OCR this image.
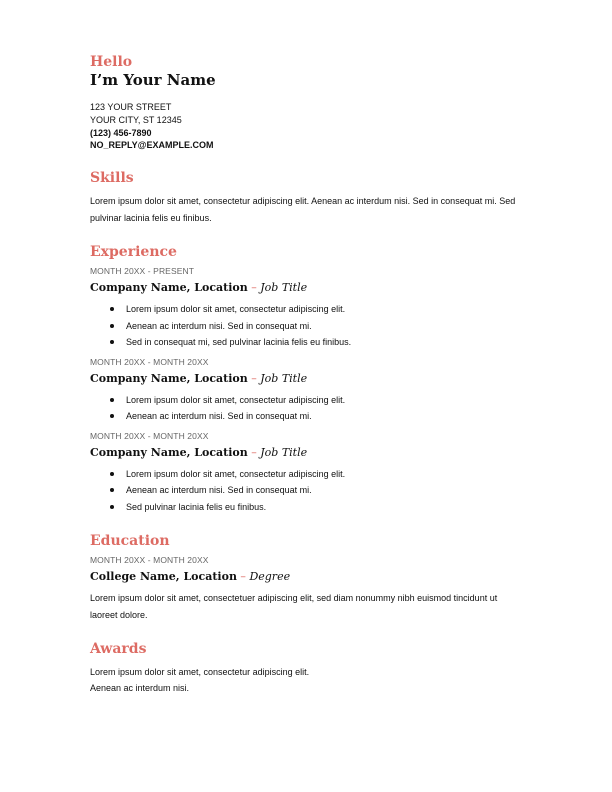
Hello
I’m Your Name
123 YOUR STREET
YOUR CITY, ST 12345
(123) 456-7890
NO_REPLY@EXAMPLE.COM
Skills
Lorem ipsum dolor sit amet, consectetur adipiscing elit. Aenean ac interdum nisi. Sed in consequat mi. Sed pulvinar lacinia felis eu finibus.
Experience
MONTH 20XX - PRESENT
Company Name, Location – Job Title
Lorem ipsum dolor sit amet, consectetur adipiscing elit.
Aenean ac interdum nisi. Sed in consequat mi.
Sed in consequat mi, sed pulvinar lacinia felis eu finibus.
MONTH 20XX - MONTH 20XX
Company Name, Location – Job Title
Lorem ipsum dolor sit amet, consectetur adipiscing elit.
Aenean ac interdum nisi. Sed in consequat mi.
MONTH 20XX - MONTH 20XX
Company Name, Location – Job Title
Lorem ipsum dolor sit amet, consectetur adipiscing elit.
Aenean ac interdum nisi. Sed in consequat mi.
Sed pulvinar lacinia felis eu finibus.
Education
MONTH 20XX - MONTH 20XX
College Name, Location – Degree
Lorem ipsum dolor sit amet, consectetuer adipiscing elit, sed diam nonummy nibh euismod tincidunt ut laoreet dolore.
Awards
Lorem ipsum dolor sit amet, consectetur adipiscing elit.
Aenean ac interdum nisi.
